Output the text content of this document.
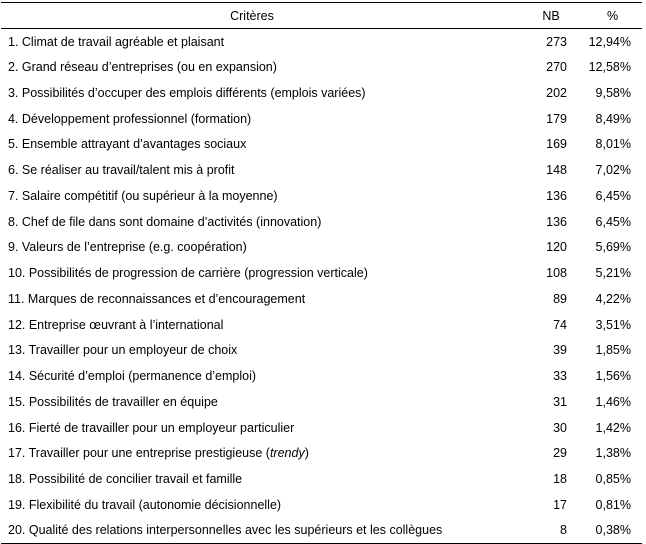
Critères	NB	%
1. Climat de travail agréable et plaisant	273	12,94%
2. Grand réseau d’entreprises (ou en expansion)	270	12,58%
3. Possibilités d’occuper des emplois différents (emplois variées)	202	9,58%
4. Développement professionnel (formation)	179	8,49%
5. Ensemble attrayant d’avantages sociaux	169	8,01%
6. Se réaliser au travail/talent mis à profit	148	7,02%
7. Salaire compétitif (ou supérieur à la moyenne)	136	6,45%
8. Chef de file dans sont domaine d’activités (innovation)	136	6,45%
9. Valeurs de l’entreprise (e.g. coopération)	120	5,69%
10. Possibilités de progression de carrière (progression verticale)	108	5,21%
11. Marques de reconnaissances et d’encouragement	89	4,22%
12. Entreprise œuvrant à l’international	74	3,51%
13. Travailler pour un employeur de choix	39	1,85%
14. Sécurité d’emploi (permanence d’emploi)	33	1,56%
15. Possibilités de travailler en équipe	31	1,46%
16. Fierté de travailler pour un employeur particulier	30	1,42%
17. Travailler pour une entreprise prestigieuse (trendy)	29	1,38%
18. Possibilité de concilier travail et famille	18	0,85%
19. Flexibilité du travail (autonomie décisionnelle)	17	0,81%
20. Qualité des relations interpersonnelles avec les supérieurs et les collègues	8	0,38%
